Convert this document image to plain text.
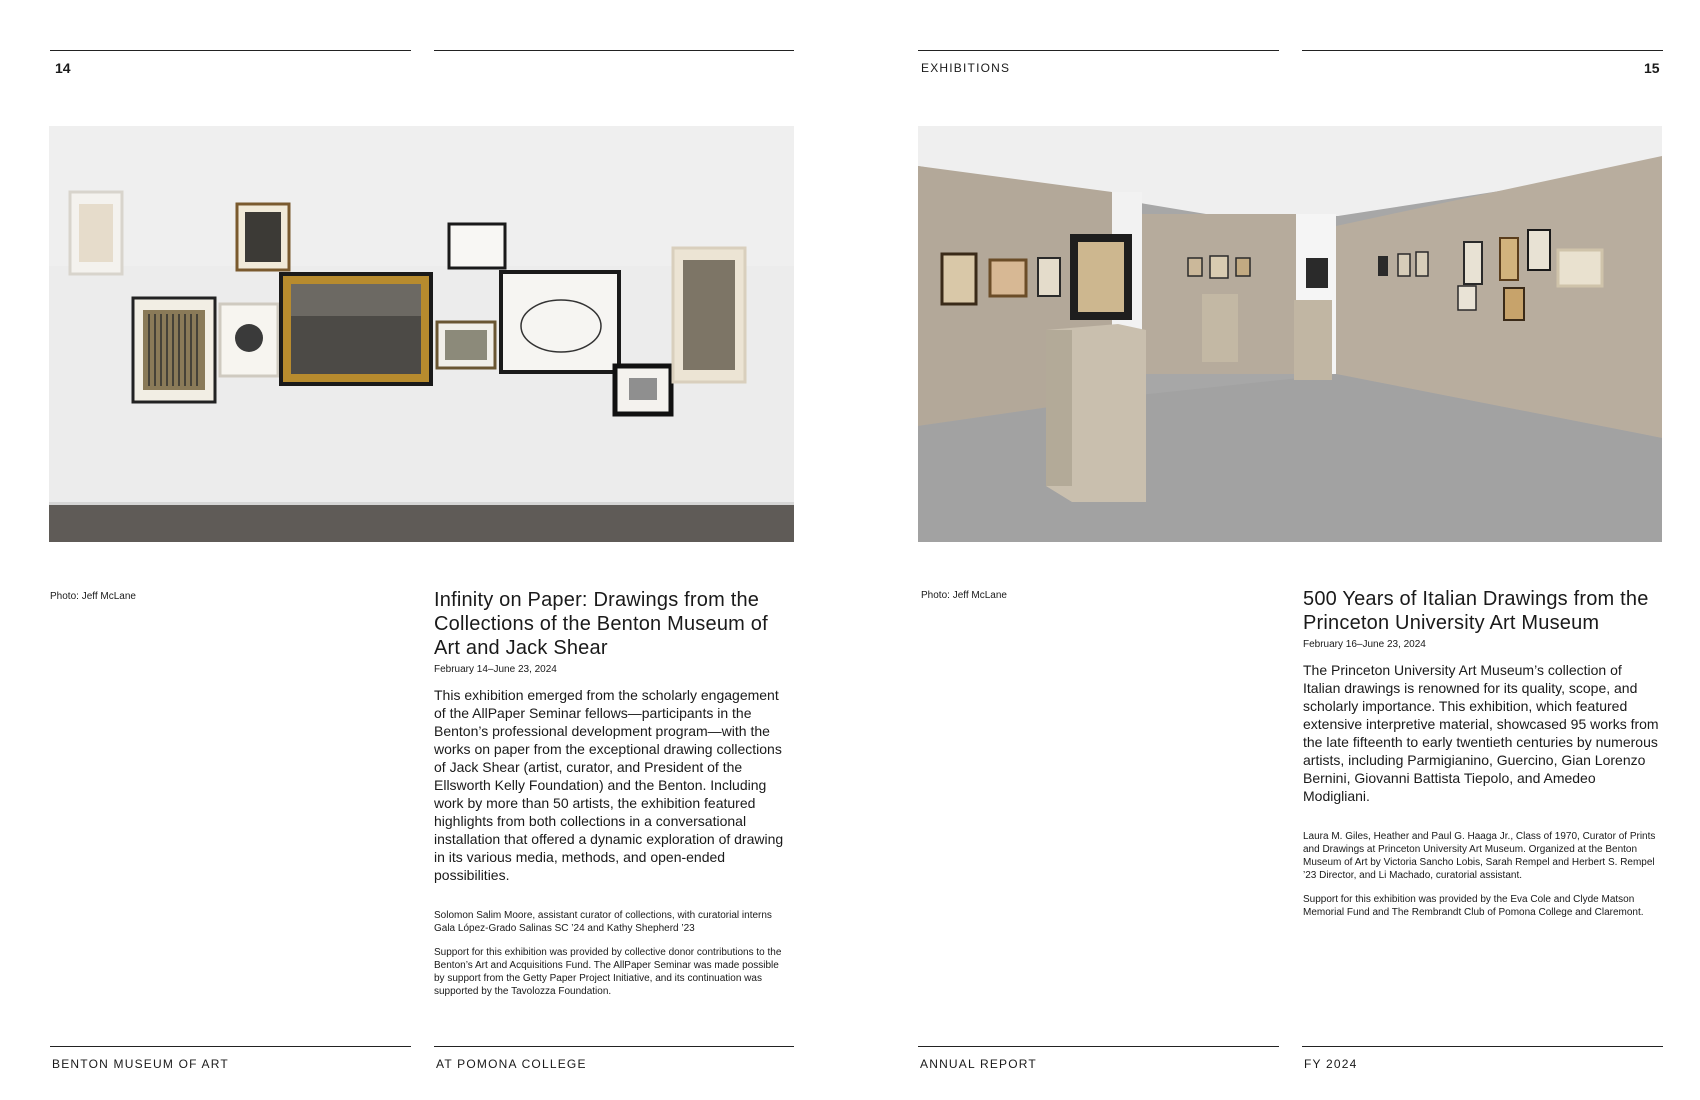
14
Photo: Jeff McLane	Infinity on Paper: Drawings from the Collections of the Benton Museum of Art and Jack Shear
February 14–June 23, 2024

This exhibition emerged from the scholarly engagement of the AllPaper Seminar fellows—participants in the Benton’s professional development program—with the works on paper from the exceptional drawing collections of Jack Shear (artist, curator, and President of the Ellsworth Kelly Foundation) and the Benton. Including work by more than 50 artists, the exhibition featured highlights from both collections in a conversational installation that offered a dynamic exploration of drawing in its various media, methods, and open-ended possibilities.

Solomon Salim Moore, assistant curator of collections, with curatorial interns Gala López-Grado Salinas SC ’24 and Kathy Shepherd ’23

Support for this exhibition was provided by collective donor contributions to the Benton’s Art and Acquisitions Fund. The AllPaper Seminar was made possible by support from the Getty Paper Project Initiative, and its continuation was supported by the Tavolozza Foundation.

BENTON MUSEUM OF ART	AT POMONA COLLEGE
EXHIBITIONS	15
Photo: Jeff McLane	500 Years of Italian Drawings from the Princeton University Art Museum
February 16–June 23, 2024

The Princeton University Art Museum’s collection of Italian drawings is renowned for its quality, scope, and scholarly importance. This exhibition, which featured extensive interpretive material, showcased 95 works from the late fifteenth to early twentieth centuries by numerous artists, including Parmigianino, Guercino, Gian Lorenzo Bernini, Giovanni Battista Tiepolo, and Amedeo Modigliani.

Laura M. Giles, Heather and Paul G. Haaga Jr., Class of 1970, Curator of Prints and Drawings at Princeton University Art Museum. Organized at the Benton Museum of Art by Victoria Sancho Lobis, Sarah Rempel and Herbert S. Rempel ’23 Director, and Li Machado, curatorial assistant.

Support for this exhibition was provided by the Eva Cole and Clyde Matson Memorial Fund and The Rembrandt Club of Pomona College and Claremont.

ANNUAL REPORT	FY 2024
